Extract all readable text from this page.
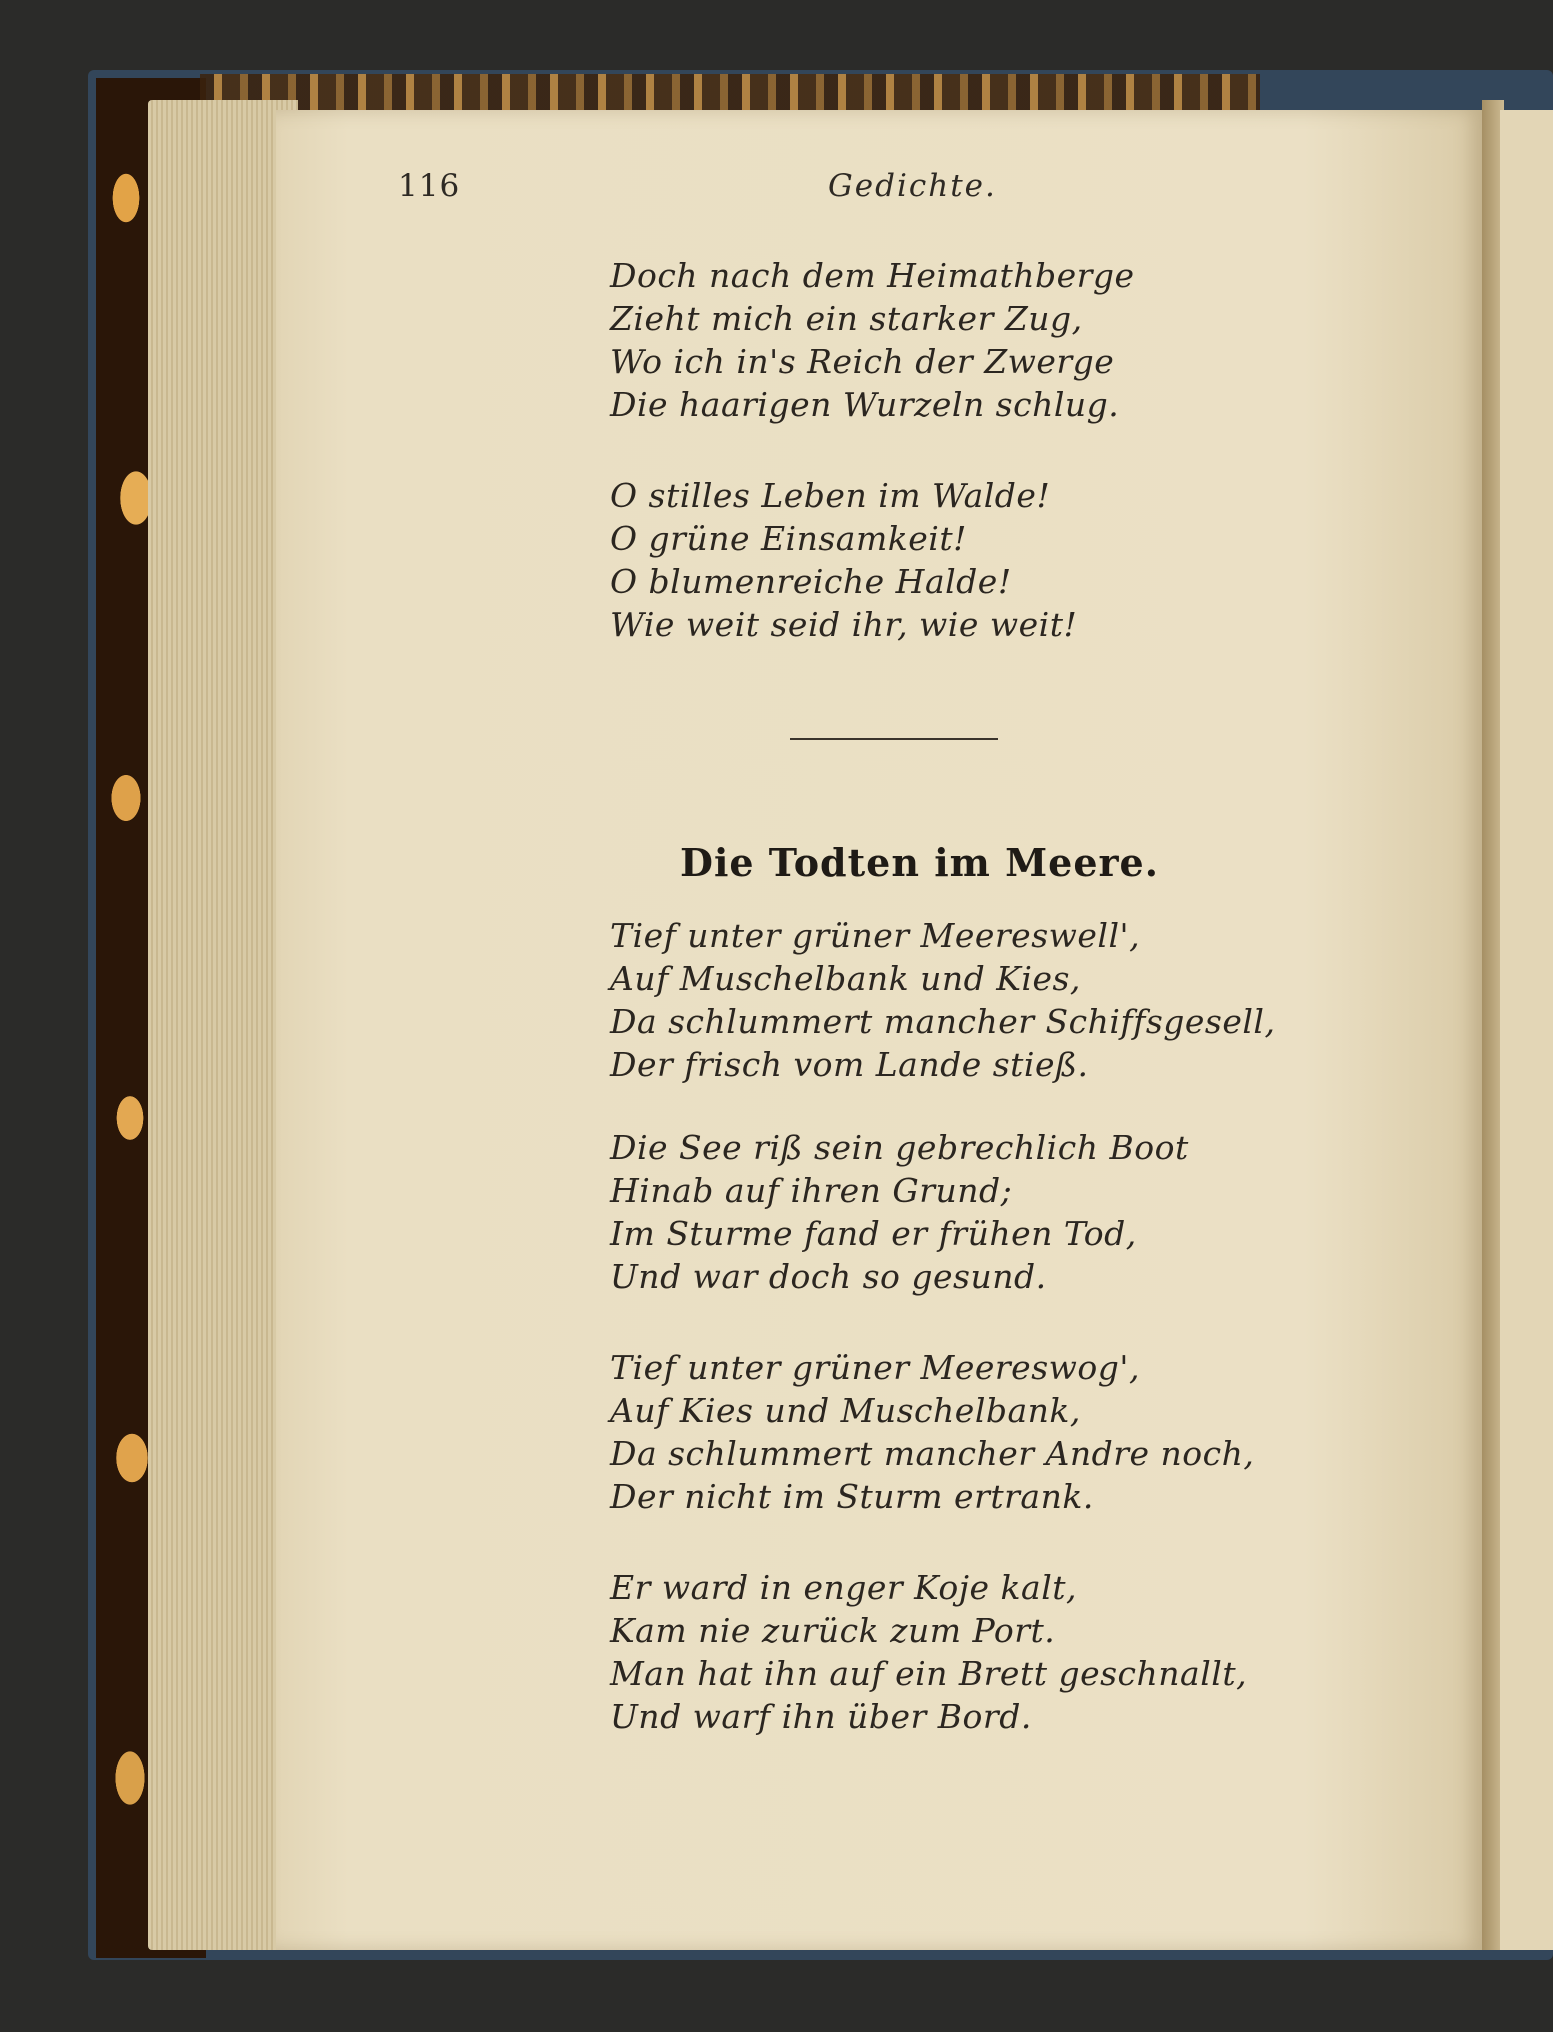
116	Gedichte.
Doch nach dem Heimathberge
Zieht mich ein starker Zug,
Wo ich in's Reich der Zwerge
Die haarigen Wurzeln schlug.
O stilles Leben im Walde!
O grüne Einsamkeit!
O blumenreiche Halde!
Wie weit seid ihr, wie weit!
Die Todten im Meere.
Tief unter grüner Meereswell',
Auf Muschelbank und Kies,
Da schlummert mancher Schiffsgesell,
Der frisch vom Lande stieß.
Die See riß sein gebrechlich Boot
Hinab auf ihren Grund;
Im Sturme fand er frühen Tod,
Und war doch so gesund.
Tief unter grüner Meereswog',
Auf Kies und Muschelbank,
Da schlummert mancher Andre noch,
Der nicht im Sturm ertrank.
Er ward in enger Koje kalt,
Kam nie zurück zum Port.
Man hat ihn auf ein Brett geschnallt,
Und warf ihn über Bord.
